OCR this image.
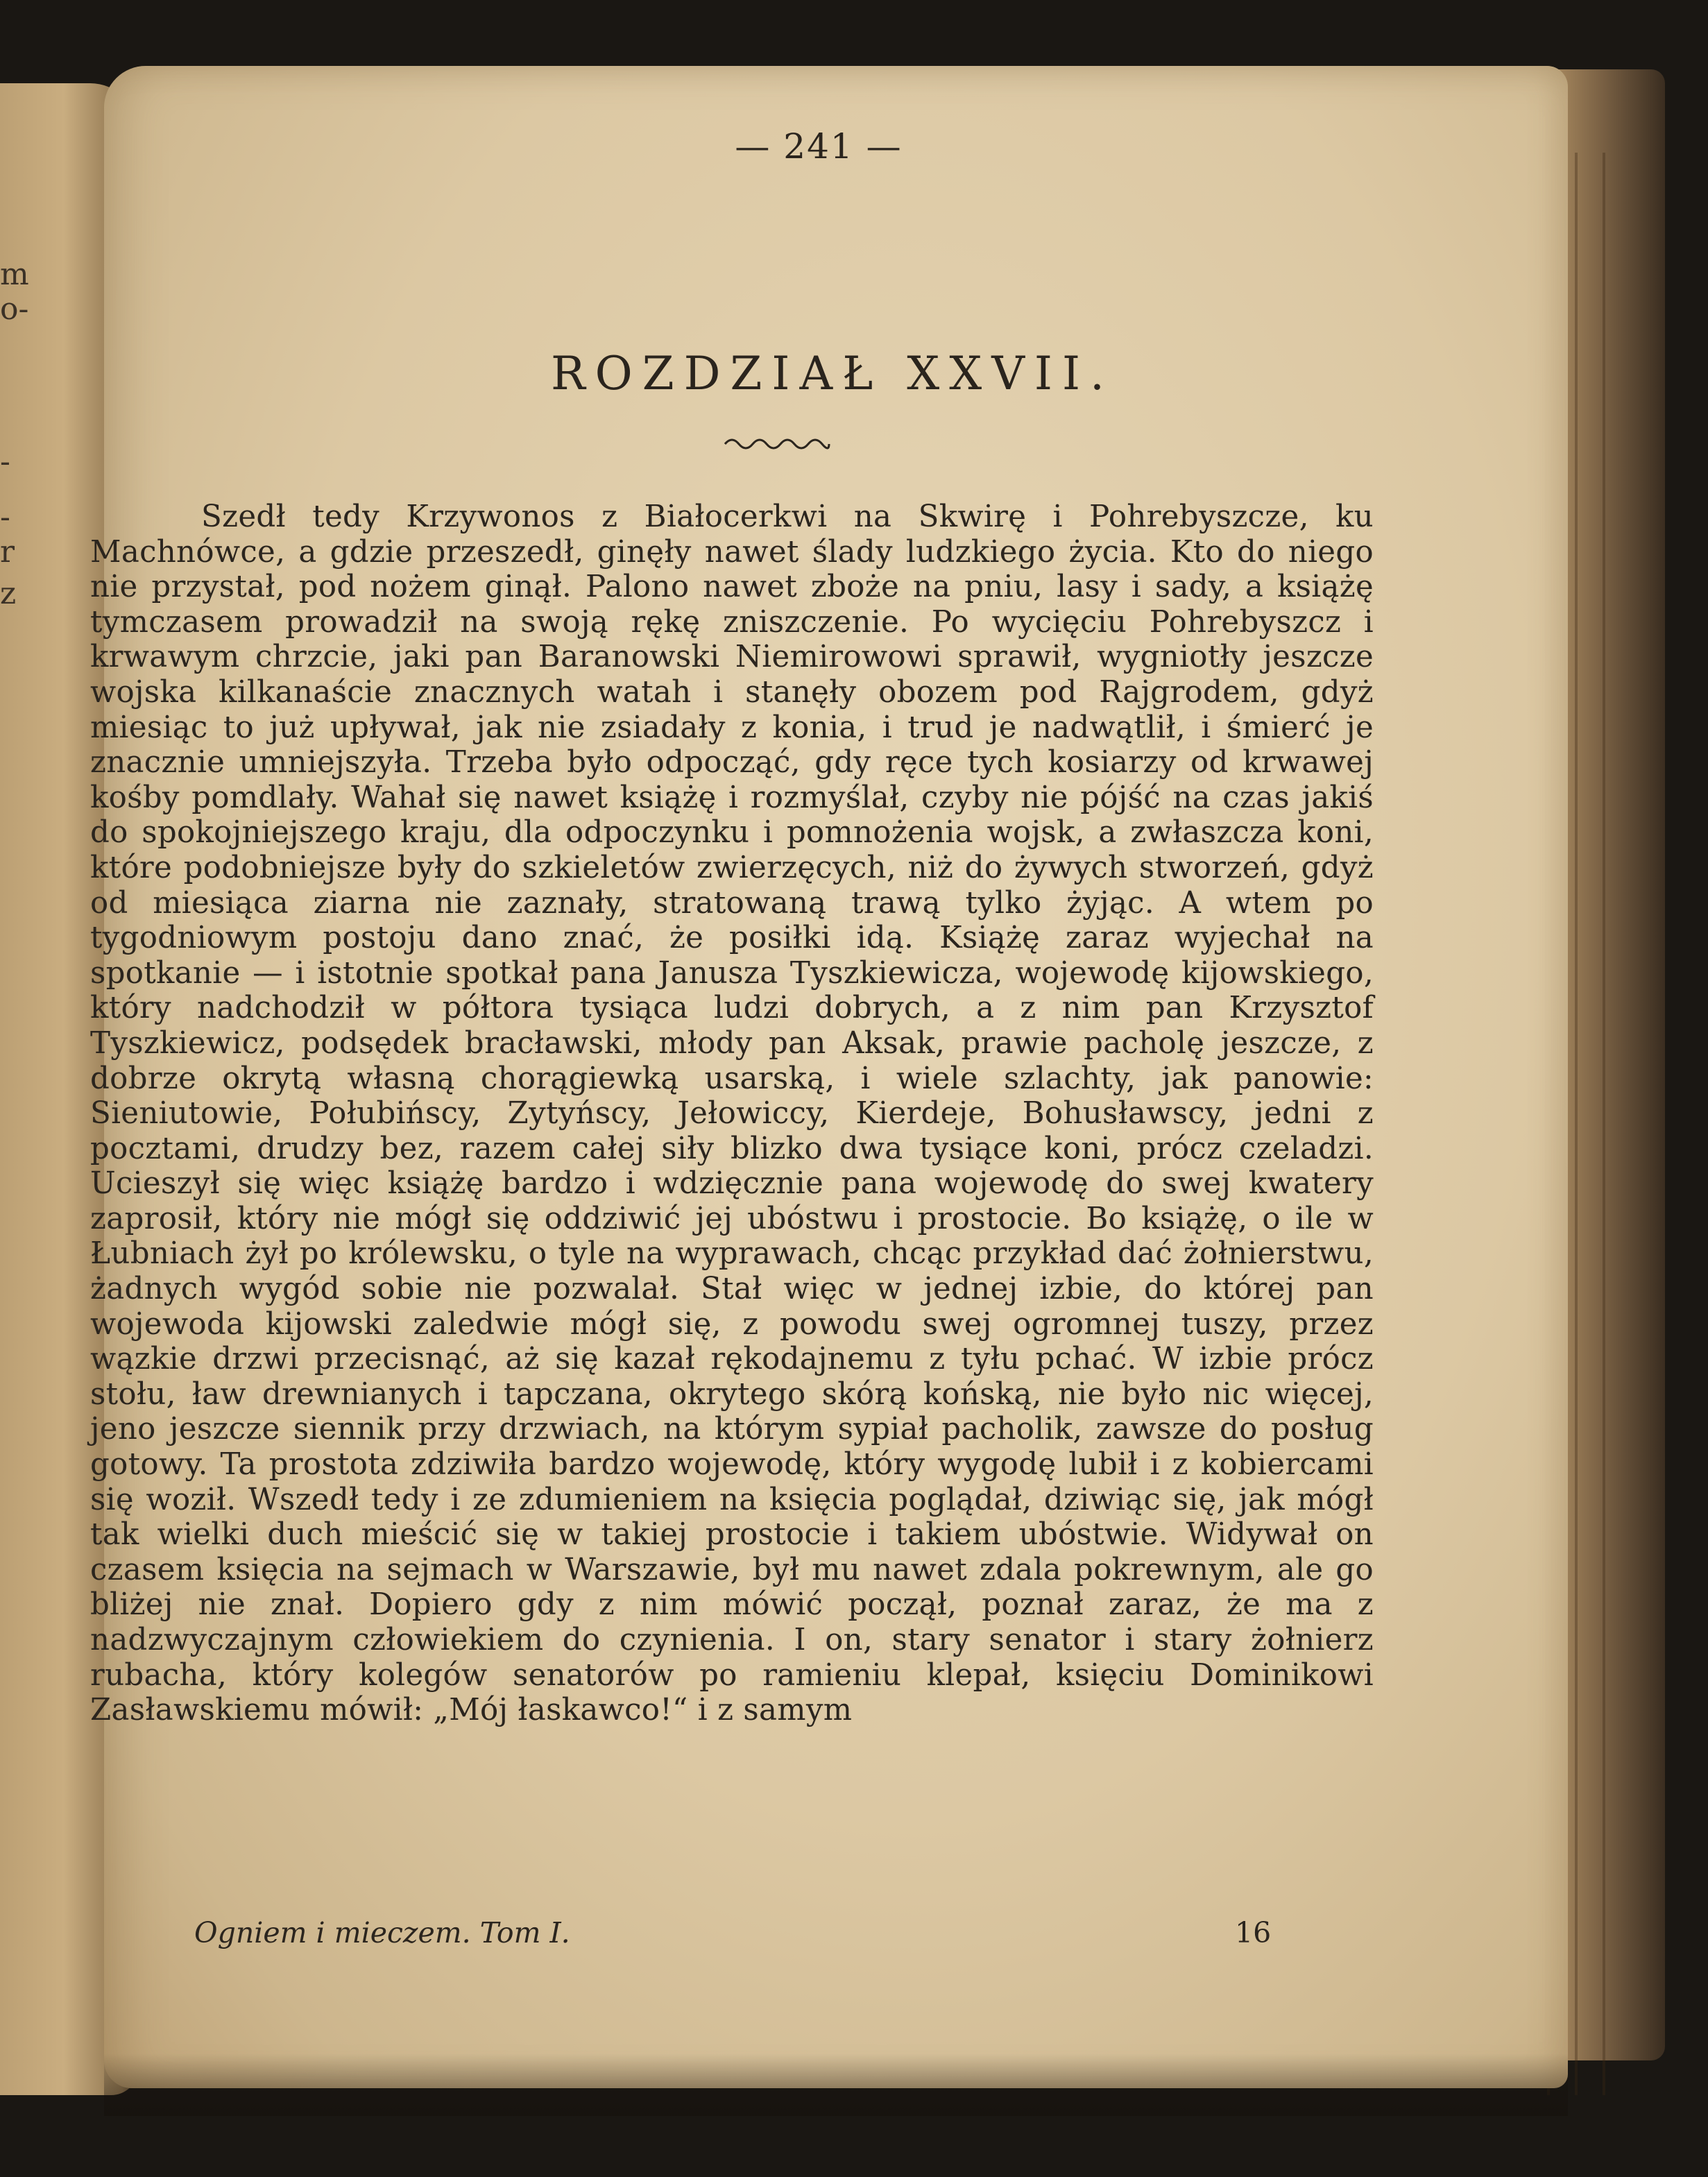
m
o-
-
-
r
z
— 241 —
ROZDZIAŁ XXVII.
Szedł tedy Krzywonos z Białocerkwi na Skwirę i Pohrebyszcze, ku Machnówce, a gdzie przeszedł, ginęły nawet ślady ludzkiego życia. Kto do niego nie przystał, pod nożem ginął. Palono nawet zboże na pniu, lasy i sady, a książę tymczasem prowadził na swoją rękę zniszczenie. Po wycięciu Pohrebyszcz i krwawym chrzcie, jaki pan Baranowski Niemirowowi sprawił, wygniotły jeszcze wojska kilkanaście znacznych watah i stanęły obozem pod Rajgrodem, gdyż miesiąc to już upływał, jak nie zsiadały z konia, i trud je nadwątlił, i śmierć je znacznie umniejszyła. Trzeba było odpocząć, gdy ręce tych kosiarzy od krwawej kośby pomdlały. Wahał się nawet książę i rozmyślał, czyby nie pójść na czas jakiś do spokojniejszego kraju, dla odpoczynku i pomnożenia wojsk, a zwłaszcza koni, które podobniejsze były do szkieletów zwierzęcych, niż do żywych stworzeń, gdyż od miesiąca ziarna nie zaznały, stratowaną trawą tylko żyjąc. A wtem po tygodniowym postoju dano znać, że posiłki idą. Książę zaraz wyjechał na spotkanie — i istotnie spotkał pana Janusza Tyszkiewicza, wojewodę kijowskiego, który nadchodził w półtora tysiąca ludzi dobrych, a z nim pan Krzysztof Tyszkiewicz, podsędek bracławski, młody pan Aksak, prawie pacholę jeszcze, z dobrze okrytą własną chorągiewką usarską, i wiele szlachty, jak panowie: Sieniutowie, Połubińscy, Zytyńscy, Jełowiccy, Kierdeje, Bohusławscy, jedni z pocztami, drudzy bez, razem całej siły blizko dwa tysiące koni, prócz czeladzi. Ucieszył się więc książę bardzo i wdzięcznie pana wojewodę do swej kwatery zaprosił, który nie mógł się oddziwić jej ubóstwu i prostocie. Bo książę, o ile w Łubniach żył po królewsku, o tyle na wyprawach, chcąc przykład dać żołnierstwu, żadnych wygód sobie nie pozwalał. Stał więc w jednej izbie, do której pan wojewoda kijowski zaledwie mógł się, z powodu swej ogromnej tuszy, przez wązkie drzwi przecisnąć, aż się kazał rękodajnemu z tyłu pchać. W izbie prócz stołu, ław drewnianych i tapczana, okrytego skórą końską, nie było nic więcej, jeno jeszcze siennik przy drzwiach, na którym sypiał pacholik, zawsze do posług gotowy. Ta prostota zdziwiła bardzo wojewodę, który wygodę lubił i z kobiercami się woził. Wszedł tedy i ze zdumieniem na księcia poglądał, dziwiąc się, jak mógł tak wielki duch mieścić się w takiej prostocie i takiem ubóstwie. Widywał on czasem księcia na sejmach w Warszawie, był mu nawet zdala pokrewnym, ale go bliżej nie znał. Dopiero gdy z nim mówić począł, poznał zaraz, że ma z nadzwyczajnym człowiekiem do czynienia. I on, stary senator i stary żołnierz rubacha, który kolegów senatorów po ramieniu klepał, księciu Dominikowi Zasławskiemu mówił: „Mój łaskawco!“ i z samym
Ogniem i mieczem. Tom I.	16
